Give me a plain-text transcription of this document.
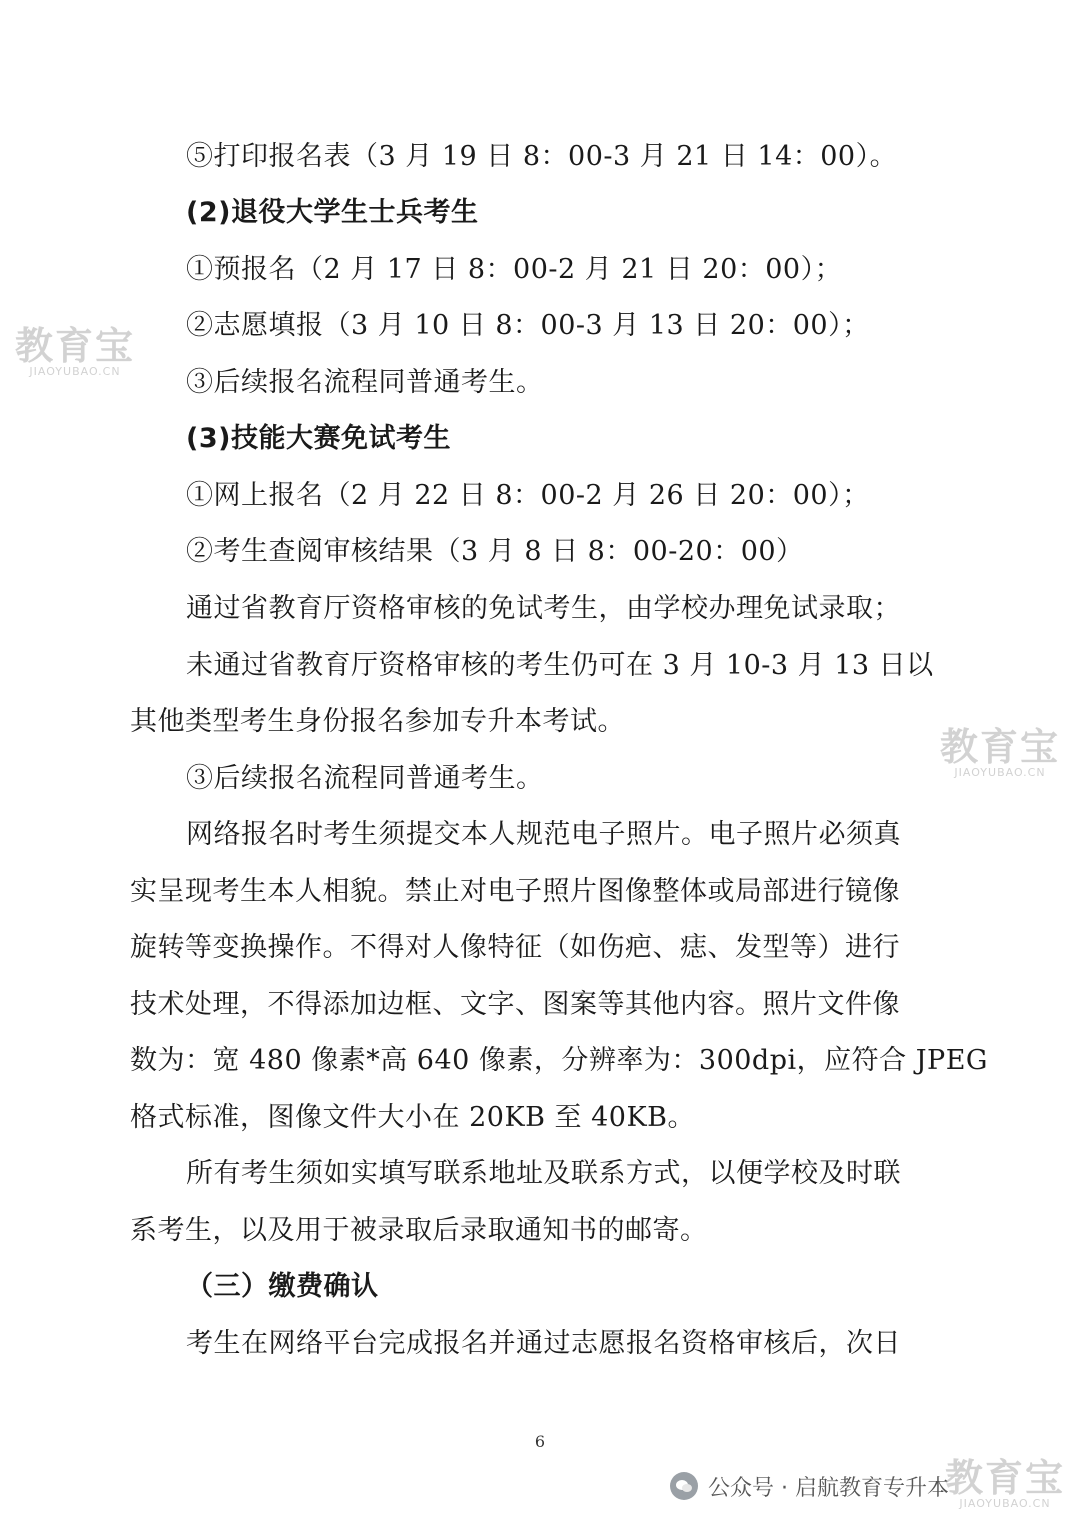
⑤打印报名表（3 月 19 日 8：00-3 月 21 日 14：00）。
(2)退役大学生士兵考生
①预报名（2 月 17 日 8：00-2 月 21 日 20：00）；
②志愿填报（3 月 10 日 8：00-3 月 13 日 20：00）；
③后续报名流程同普通考生。
(3)技能大赛免试考生
①网上报名（2 月 22 日 8：00-2 月 26 日 20：00）；
②考生查阅审核结果（3 月 8 日 8：00-20：00）
通过省教育厅资格审核的免试考生，由学校办理免试录取；
未通过省教育厅资格审核的考生仍可在 3 月 10-3 月 13 日以
其他类型考生身份报名参加专升本考试。
③后续报名流程同普通考生。
网络报名时考生须提交本人规范电子照片。电子照片必须真
实呈现考生本人相貌。禁止对电子照片图像整体或局部进行镜像
旋转等变换操作。不得对人像特征（如伤疤、痣、发型等）进行
技术处理，不得添加边框、文字、图案等其他内容。照片文件像
数为：宽 480 像素*高 640 像素，分辨率为：300dpi，应符合 JPEG
格式标准，图像文件大小在 20KB 至 40KB。
所有考生须如实填写联系地址及联系方式，以便学校及时联
系考生，以及用于被录取后录取通知书的邮寄。
（三）缴费确认
考生在网络平台完成报名并通过志愿报名资格审核后，次日
6
教育宝
JIAOYUBAO.CN
教育宝
JIAOYUBAO.CN
教育宝
JIAOYUBAO.CN
公众号 · 启航教育专升本
